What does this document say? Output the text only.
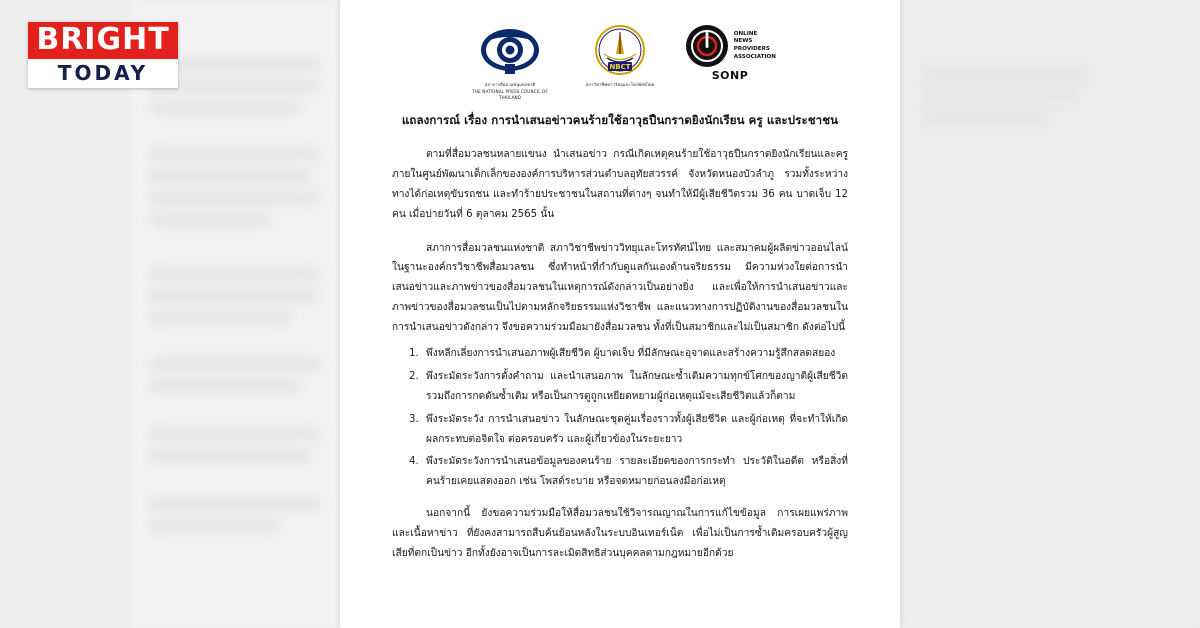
BRIGHT
TODAY	สภาการสื่อมวลชนแห่งชาติ
THE NATIONAL PRESS COUNCIL OF THAILAND
NBCT
สภาวิชาชีพข่าววิทยุและโทรทัศน์ไทย
ONLINE
NEWS
PROVIDERS
ASSOCIATION
SONP
แถลงการณ์ เรื่อง การนำเสนอข่าวคนร้ายใช้อาวุธปืนกราดยิงนักเรียน ครู และประชาชน

ตามที่สื่อมวลชนหลายแขนง นำเสนอข่าว กรณีเกิดเหตุคนร้ายใช้อาวุธปืนกราดยิงนักเรียนและครูภายในศูนย์พัฒนาเด็กเล็กขององค์การบริหารส่วนตำบลอุทัยสวรรค์ จังหวัดหนองบัวลำภู รวมทั้งระหว่างทางได้ก่อเหตุขับรถชน และทำร้ายประชาชนในสถานที่ต่างๆ จนทำให้มีผู้เสียชีวิตรวม 36 คน บาดเจ็บ 12 คน เมื่อบ่ายวันที่ 6 ตุลาคม 2565 นั้น

สภาการสื่อมวลชนแห่งชาติ สภาวิชาชีพข่าววิทยุและโทรทัศน์ไทย และสมาคมผู้ผลิตข่าวออนไลน์ ในฐานะองค์กรวิชาชีพสื่อมวลชน ซึ่งทำหน้าที่กำกับดูแลกันเองด้านจริยธรรม มีความห่วงใยต่อการนำเสนอข่าวและภาพข่าวของสื่อมวลชนในเหตุการณ์ดังกล่าวเป็นอย่างยิ่ง และเพื่อให้การนำเสนอข่าวและภาพข่าวของสื่อมวลชนเป็นไปตามหลักจริยธรรมแห่งวิชาชีพ และแนวทางการปฏิบัติงานของสื่อมวลชนในการนำเสนอข่าวดังกล่าว จึงขอความร่วมมือมายังสื่อมวลชน ทั้งที่เป็นสมาชิกและไม่เป็นสมาชิก ดังต่อไปนี้

1. พึงหลีกเลี่ยงการนำเสนอภาพผู้เสียชีวิต ผู้บาดเจ็บ ที่มีลักษณะอุจาดและสร้างความรู้สึกสลดสยอง
2. พึงระมัดระวังการตั้งคำถาม และนำเสนอภาพ ในลักษณะซ้ำเติมความทุกข์โศกของญาติผู้เสียชีวิต รวมถึงการกดดันซ้ำเติม หรือเป็นการดูถูกเหยียดหยามผู้ก่อเหตุแม้จะเสียชีวิตแล้วก็ตาม
3. พึงระมัดระวัง การนำเสนอข่าว ในลักษณะชุดคู่มเรื่องราวทั้งผู้เสียชีวิต และผู้ก่อเหตุ ที่จะทำให้เกิดผลกระทบต่อจิตใจ ต่อครอบครัว และผู้เกี่ยวข้องในระยะยาว
4. พึงระมัดระวังการนำเสนอข้อมูลของคนร้าย รายละเอียดของการกระทำ ประวัติในอดีต หรือสิ่งที่คนร้ายเคยแสดงออก เช่น โพสต์ระบาย หรือจดหมายก่อนลงมือก่อเหตุ

นอกจากนี้ ยังขอความร่วมมือให้สื่อมวลชนใช้วิจารณญาณในการแก้ไขข้อมูล การเผยแพร่ภาพ และเนื้อหาข่าว ที่ยังคงสามารถสืบค้นย้อนหลังในระบบอินเทอร์เน็ต เพื่อไม่เป็นการซ้ำเติมครอบครัวผู้สูญเสียที่ตกเป็นข่าว อีกทั้งยังอาจเป็นการละเมิดสิทธิส่วนบุคคลตามกฎหมายอีกด้วย
